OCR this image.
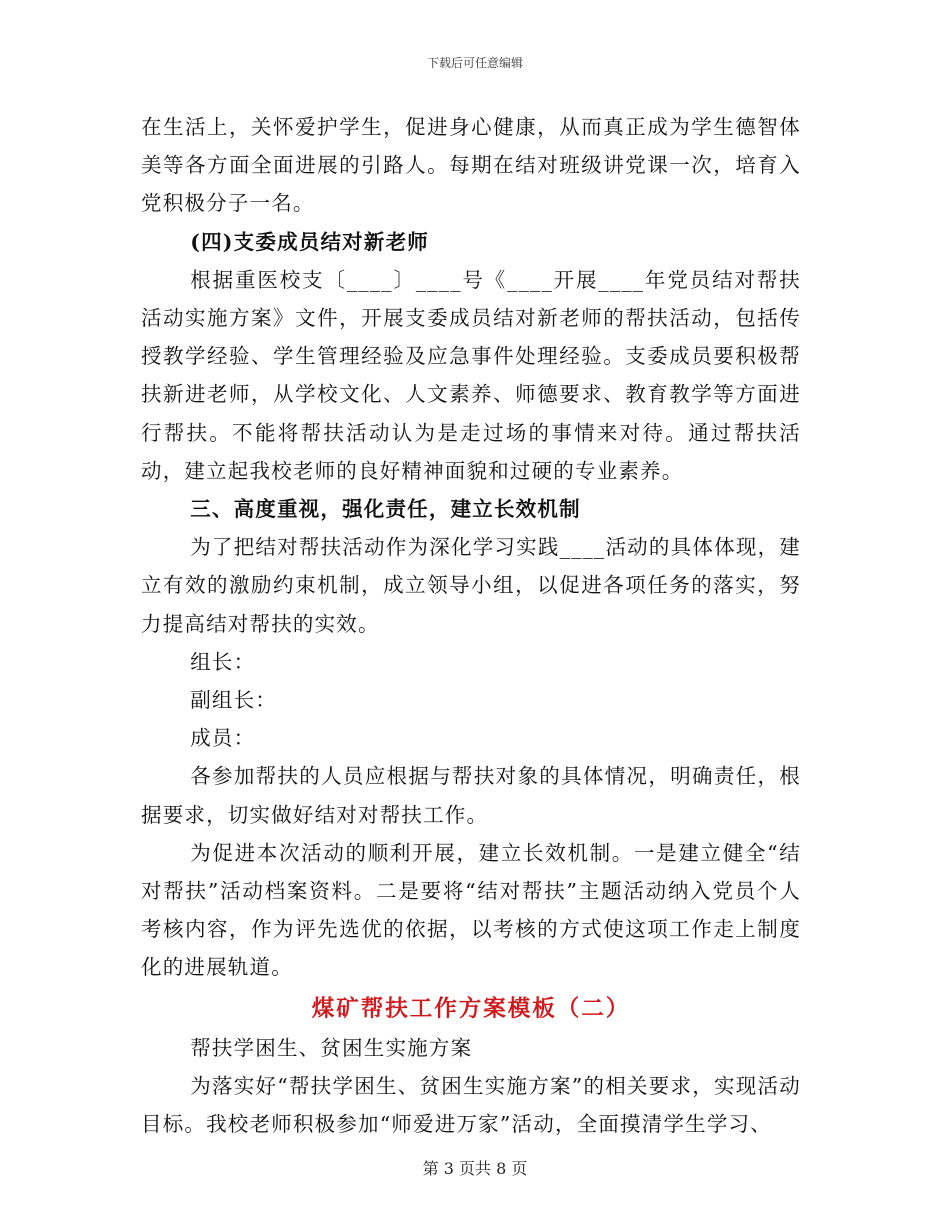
下载后可任意编辑

在生活上，关怀爱护学生，促进身心健康，从而真正成为学生德智体美等各方面全面进展的引路人。每期在结对班级讲党课一次，培育入党积极分子一名。

(四)支委成员结对新老师

根据重医校支〔____〕____号《____开展____年党员结对帮扶活动实施方案》文件，开展支委成员结对新老师的帮扶活动，包括传授教学经验、学生管理经验及应急事件处理经验。支委成员要积极帮扶新进老师，从学校文化、人文素养、师德要求、教育教学等方面进行帮扶。不能将帮扶活动认为是走过场的事情来对待。通过帮扶活动，建立起我校老师的良好精神面貌和过硬的专业素养。

三、高度重视，强化责任，建立长效机制

为了把结对帮扶活动作为深化学习实践____活动的具体体现，建立有效的激励约束机制，成立领导小组，以促进各项任务的落实，努力提高结对帮扶的实效。

组长：

副组长：

成员：

各参加帮扶的人员应根据与帮扶对象的具体情况，明确责任，根据要求，切实做好结对对帮扶工作。

为促进本次活动的顺利开展，建立长效机制。一是建立健全“结对帮扶”活动档案资料。二是要将“结对帮扶”主题活动纳入党员个人考核内容，作为评先选优的依据，以考核的方式使这项工作走上制度化的进展轨道。

煤矿帮扶工作方案模板（二）

帮扶学困生、贫困生实施方案

为落实好“帮扶学困生、贫困生实施方案”的相关要求，实现活动目标。我校老师积极参加“师爱进万家”活动，全面摸清学生学习、

第 3 页共 8 页
